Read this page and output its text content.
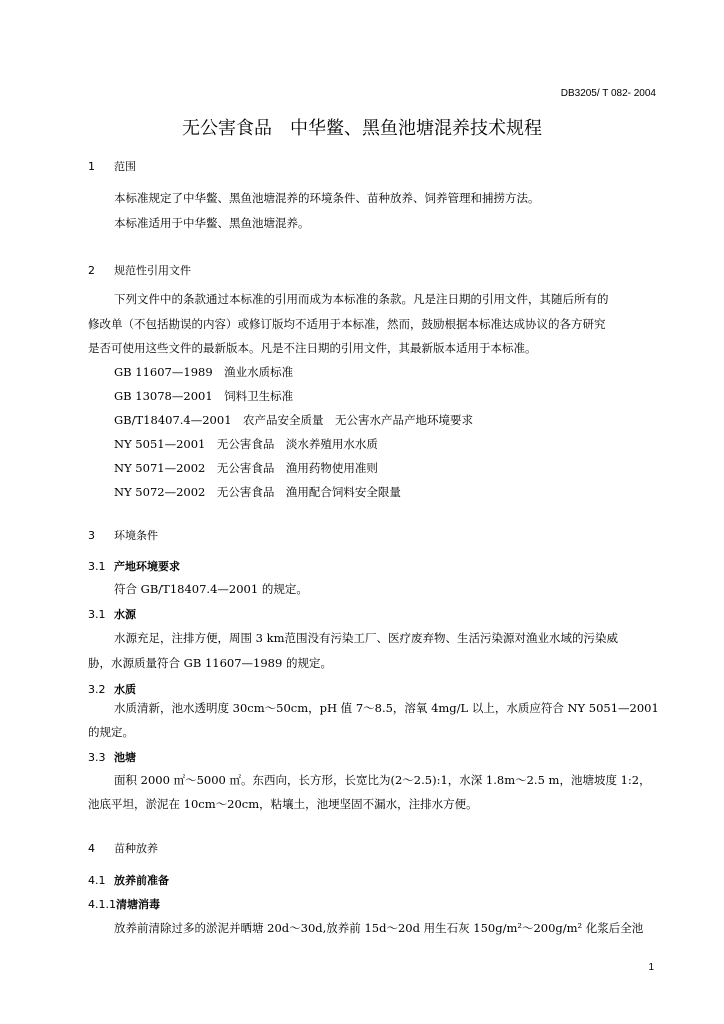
DB3205/ T 082- 2004
无公害食品　中华鳖、黑鱼池塘混养技术规程
1 范围
本标准规定了中华鳖、黑鱼池塘混养的环境条件、苗种放养、饲养管理和捕捞方法。
本标准适用于中华鳖、黑鱼池塘混养。
2 规范性引用文件
下列文件中的条款通过本标准的引用而成为本标准的条款。凡是注日期的引用文件，其随后所有的
修改单（不包括勘误的内容）或修订版均不适用于本标准，然而，鼓励根据本标准达成协议的各方研究
是否可使用这些文件的最新版本。凡是不注日期的引用文件，其最新版本适用于本标准。
GB 11607—1989　渔业水质标准
GB 13078—2001　饲料卫生标准
GB/T18407.4—2001　农产品安全质量　无公害水产品产地环境要求
NY 5051—2001　无公害食品　淡水养殖用水水质
NY 5071—2002　无公害食品　渔用药物使用准则
NY 5072—2002　无公害食品　渔用配合饲料安全限量
3 环境条件
3.1 产地环境要求
符合 GB/T18407.4—2001 的规定。
3.1 水源
水源充足，注排方便，周围 3 km范围没有污染工厂、医疗废弃物、生活污染源对渔业水域的污染威
胁，水源质量符合 GB 11607—1989 的规定。
3.2 水质
水质清新，池水透明度 30cm～50cm，pH 值 7～8.5，溶氧 4mg/L 以上，水质应符合 NY 5051—2001
的规定。
3.3 池塘
面积 2000 ㎡～5000 ㎡。东西向，长方形，长宽比为(2～2.5):1，水深 1.8m～2.5 m，池塘坡度 1:2，
池底平坦，淤泥在 10cm～20cm，粘壤土，池埂坚固不漏水，注排水方便。
4 苗种放养
4.1 放养前准备
4.1.1清塘消毒
放养前清除过多的淤泥并晒塘 20d～30d,放养前 15d～20d 用生石灰 150g/m²～200g/m² 化浆后全池
1
